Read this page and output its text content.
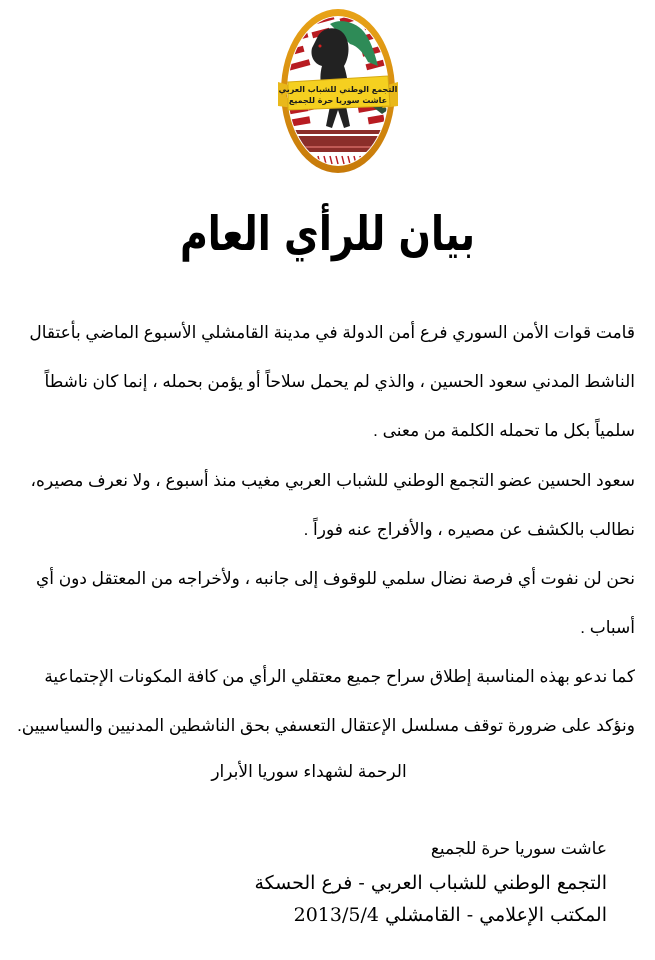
التجمع الوطني للشباب العربي
عاشت سوريا حرة للجميع
بيان للرأي العام
قامت قوات الأمن السوري فرع أمن الدولة في مدينة القامشلي الأسبوع الماضي بأعتقال
الناشط المدني سعود الحسين ، والذي لم يحمل سلاحاً أو يؤمن بحمله ، إنما كان ناشطاً
سلمياً بكل ما تحمله الكلمة من معنى .
سعود الحسين عضو التجمع الوطني للشباب العربي مغيب منذ أسبوع ، ولا نعرف مصيره،
نطالب بالكشف عن مصيره ، والأفراج عنه فوراً .
نحن لن نفوت أي فرصة نضال سلمي للوقوف إلى جانبه ، ولأخراجه من المعتقل دون أي
أسباب .
كما ندعو بهذه المناسبة إطلاق سراح جميع معتقلي الرأي من كافة المكونات الإجتماعية
ونؤكد على ضرورة توقف مسلسل الإعتقال التعسفي بحق الناشطين المدنيين والسياسيين.
الرحمة لشهداء سوريا الأبرار
عاشت سوريا حرة للجميع
التجمع الوطني للشباب العربي - فرع الحسكة
المكتب الإعلامي - القامشلي 2013/5/4
